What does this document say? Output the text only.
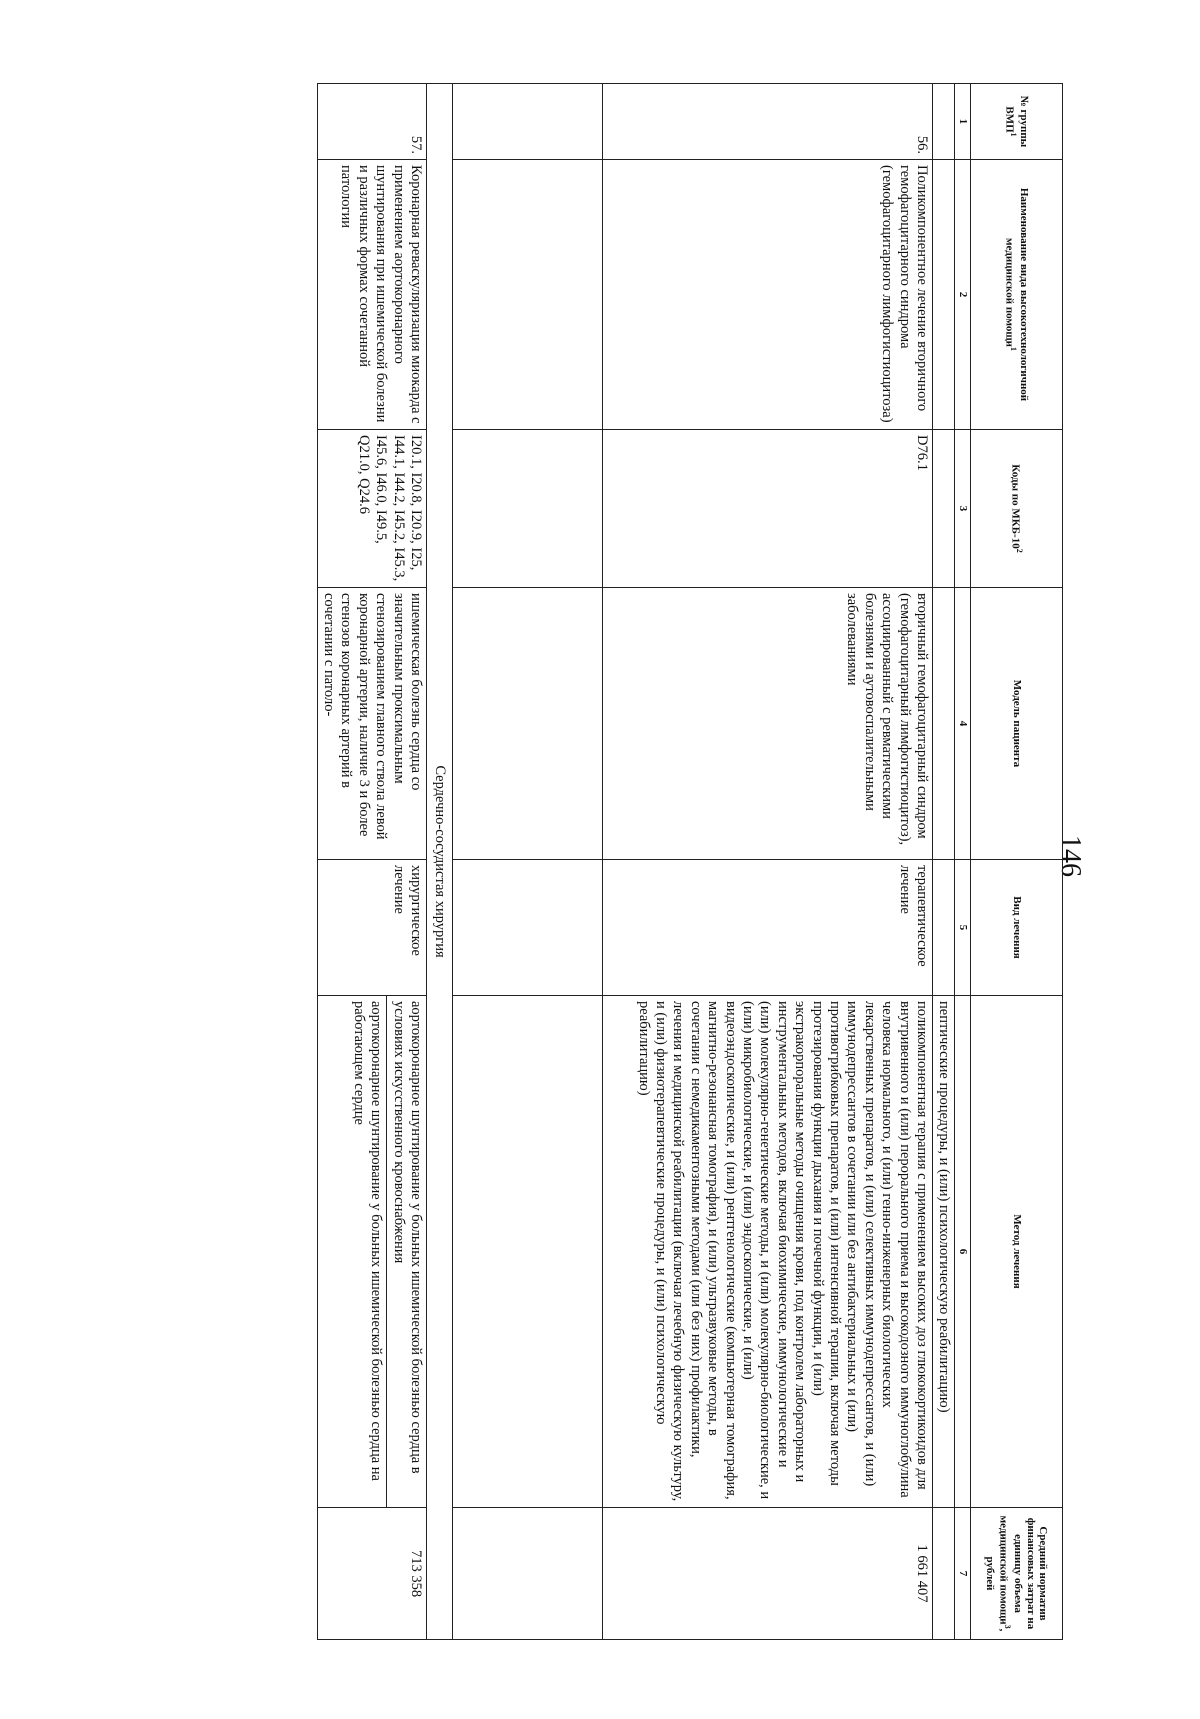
146
№ группы ВМП$^1$	Наименование вида высокотехнологичной медицинской помощи$^1$	Коды по МКБ-$10^2$	Модель пациента	Вид лечения	Метод лечения	Средний норматив финансовых затрат на единицу объема медицинской помощи$^3$, рублей
1	2	3	4	5	6	7
					пептические процедуры, и (или) психологическую реабилитацию)	
56.	Поликомпонентное лечение вторичного гемофагоцитарного синдрома (гемофагоцитарного лимфогистиоцитоза)	D76.1	вторичный гемофагоцитарный синдром (гемофагоцитарный лимфогистиоцитоз), ассоциированный с ревматическими болезнями и аутовоспалительными заболеваниями	терапевтическое лечение	поликомпонентная терапия с применением высоких доз глюкокортикоидов для внутривенного и (или) перорального приема и высокодозного иммуноглобулина человека нормального, и (или) генно-инженерных биологических лекарственных препаратов, и (или) селективных иммунодепрессантов, и (или) иммунодепрессантов в сочетании или без антибактериальных и (или) противогрибковых препаратов, и (или) интенсивной терапии, включая методы протезирования функции дыхания и почечной функции, и (или) экстракорпоральные методы очищения крови, под контролем лабораторных и инструментальных методов, включая биохимические, иммунологические и (или) молекулярно-генетические методы, и (или) молекулярно-биологические, и (или) микробиологические, и (или) эндоскопические, и (или) видеоэндоскопические, и (или) рентгенологические (компьютерная томография, магнитно-резонансная томография), и (или) ультразвуковые методы, в сочетании с немедикаментозными методами (или без них) профилактики, лечения и медицинской реабилитации (включая лечебную физическую культуру, и (или) физиотерапевтические процедуры, и (или) психологическую реабилитацию)	1 661 407

Сердечно-сосудистая хирургия						
57.	Коронарная реваскуляризация миокарда с применением аортокоронарного шунтирования при ишемической болезни и различных формах сочетанной патологии	I20.1, I20.8, I20.9, I25, I44.1, I44.2, I45.2, I45.3, I45.6, I46.0, I49.5, Q21.0, Q24.6	ишемическая болезнь сердца со значительным проксимальным стенозированием главного ствола левой коронарной артерии, наличие 3 и более стенозов коронарных артерий в сочетании с патоло-	хирургическое лечение	аортокоронарное шунтирование у больных ишемической болезнью сердца в условиях искусственного кровоснабжения
аортокоронарное шунтирование у больных ишемической болезнью сердца на работающем сердце	713 358
